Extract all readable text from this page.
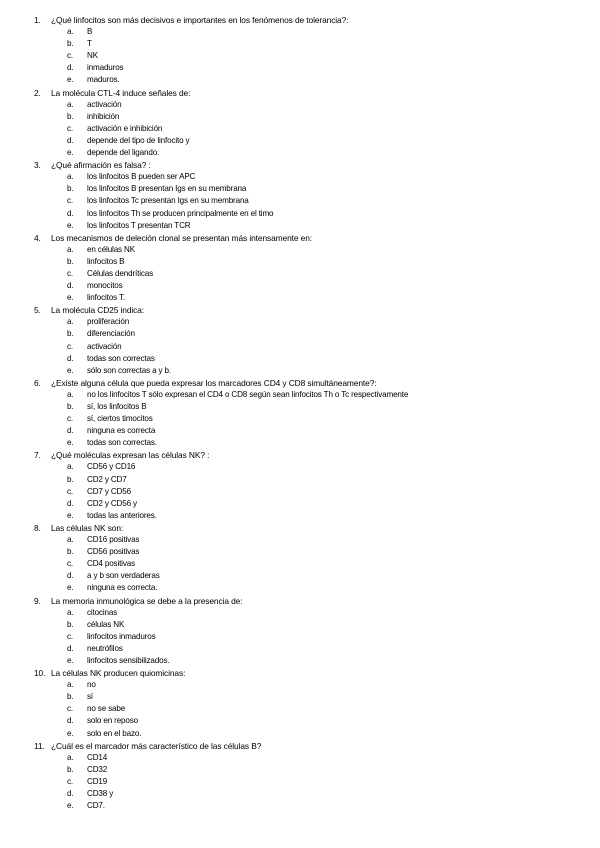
1. ¿Qué linfocitos son más decisivos e importantes en los fenómenos de tolerancia?:
a. B
b. T
c. NK
d. inmaduros
e. maduros.
2. La molécula CTL-4 induce señales de:
a. activación
b. inhibición
c. activación e inhibición
d. depende del tipo de linfocito y
e. depende del ligando.
3. ¿Qué afirmación es falsa? :
a. los linfocitos B pueden ser APC
b. los linfocitos B presentan Igs en su membrana
c. los linfocitos Tc presentan Igs en su membrana
d. los linfocitos Th se producen principalmente en el timo
e. los linfocitos T presentan TCR
4. Los mecanismos de deleción clonal se presentan más intensamente en:
a. en células NK
b. linfocitos B
c. Células dendríticas
d. monocitos
e. linfocitos T.
5. La molécula CD25 indica:
a. proliferación
b. diferenciación
c. activación
d. todas son correctas
e. sólo son correctas a y b.
6. ¿Existe alguna célula que pueda expresar los marcadores CD4 y CD8 simultáneamente?:
a. no los linfocitos T sólo expresan el CD4 o CD8 según sean linfocitos Th o Tc respectivamente
b. sí, los linfocitos B
c. sí, ciertos timocitos
d. ninguna es correcta
e. todas son correctas.
7. ¿Qué moléculas expresan las células NK? :
a. CD56 y CD16
b. CD2 y CD7
c. CD7 y CD56
d. CD2 y CD56 y
e. todas las anteriores.
8. Las células NK son:
a. CD16 positivas
b. CD56 positivas
c. CD4 positivas
d. a y b son verdaderas
e. ninguna es correcta.
9. La memoria inmunológica se debe a la presencia de:
a. citocinas
b. células NK
c. linfocitos inmaduros
d. neutrófilos
e. linfocitos sensibilizados.
10. La células NK producen quiomicinas:
a. no
b. sí
c. no se sabe
d. solo en reposo
e. solo en el bazo.
11. ¿Cuál es el marcador más característico de las células B?
a. CD14
b. CD32
c. CD19
d. CD38 y
e. CD7.
